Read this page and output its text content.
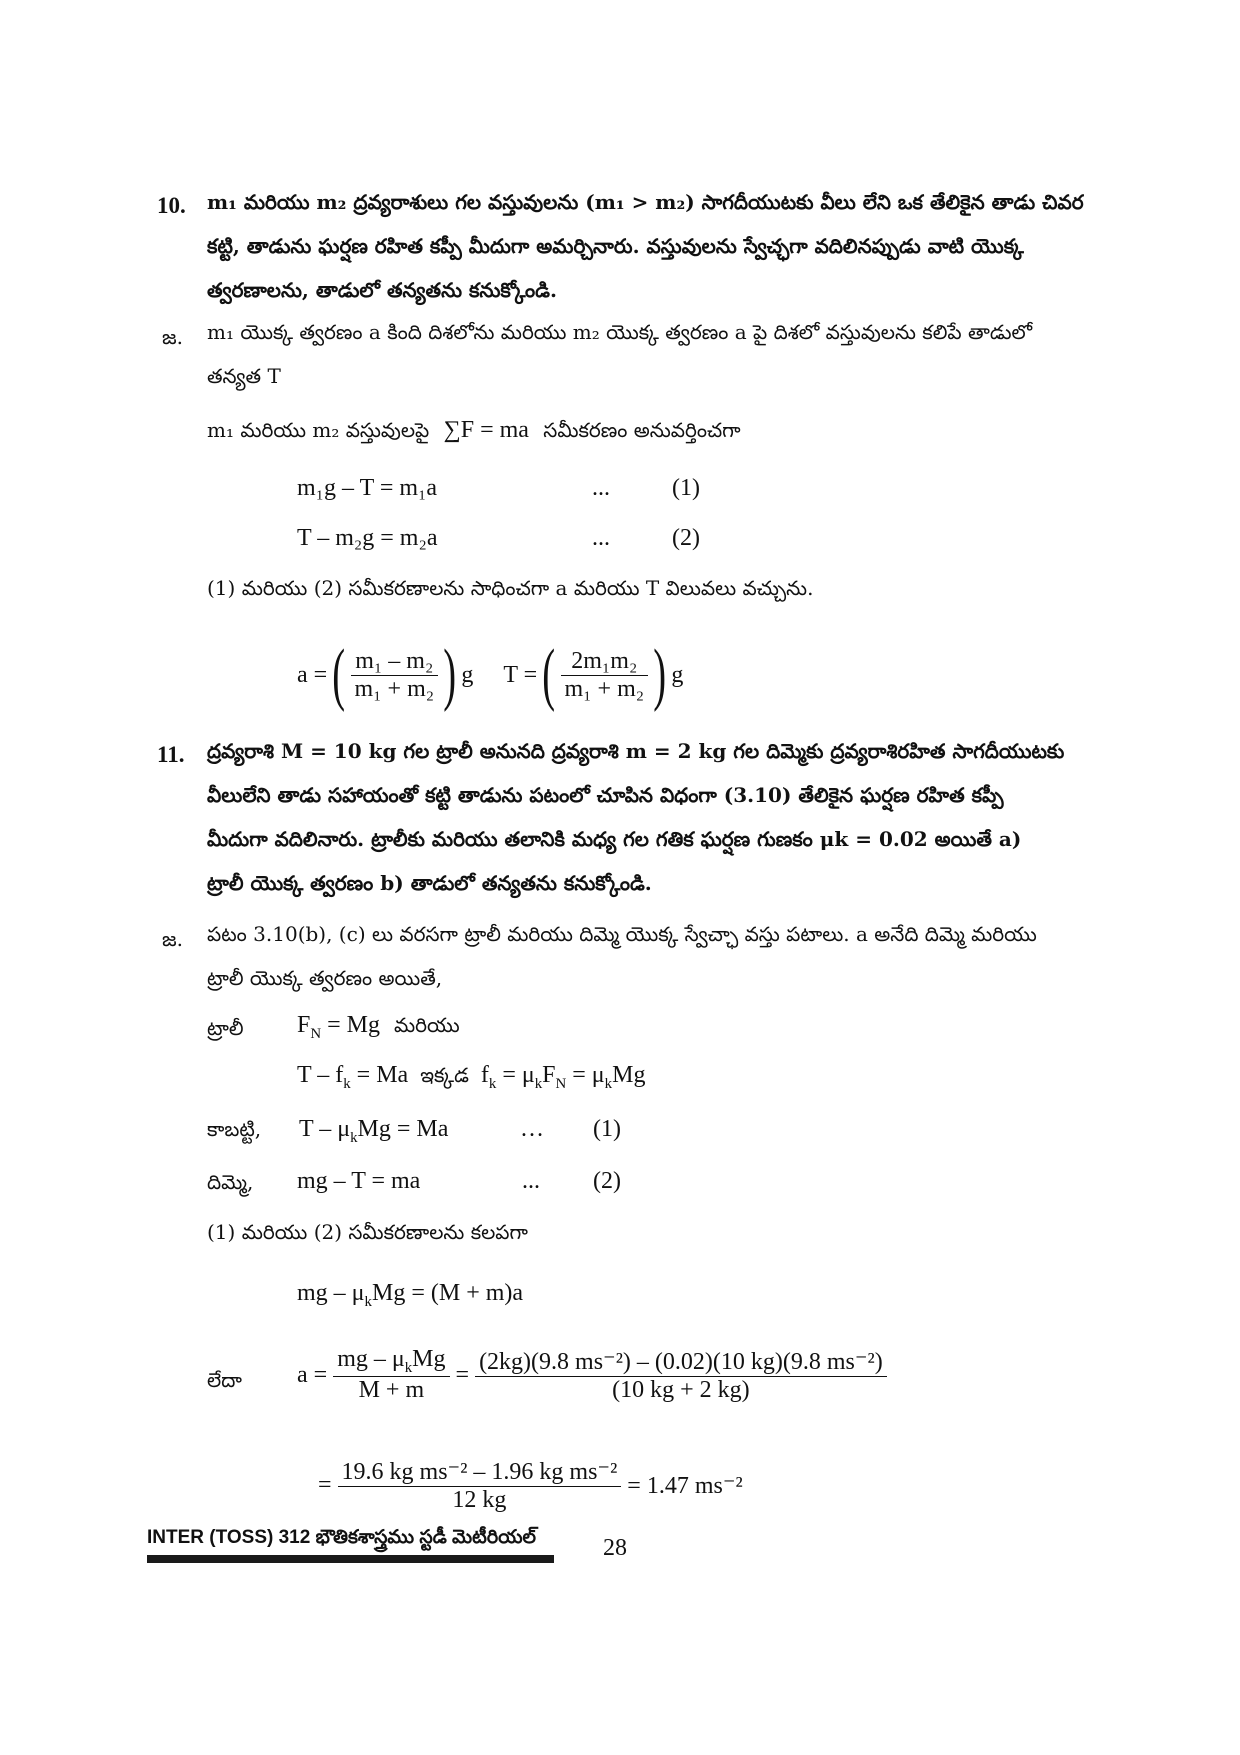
10. m₁ మరియు m₂ ద్రవ్యరాశులు గల వస్తువులను (m₁ > m₂) సాగదీయుటకు వీలు లేని ఒక తేలికైన తాడు చివర
కట్టి, తాడును ఘర్షణ రహిత కప్పీ మీదుగా అమర్చినారు. వస్తువులను స్వేచ్ఛగా వదిలినప్పుడు వాటి యొక్క
త్వరణాలను, తాడులో తన్యతను కనుక్కోండి.
జ. m₁ యొక్క త్వరణం a కింది దిశలోను మరియు m₂ యొక్క త్వరణం a పై దిశలో వస్తువులను కలిపే తాడులో
తన్యత T
m₁ మరియు m₂ వస్తువులపై ∑F = ma సమీకరణం అనువర్తించగా
m₁g – T = m₁a	...	(1)
T – m₂g = m₂a	...	(2)
(1) మరియు (2) సమీకరణాలను సాధించగా a మరియు T విలువలు వచ్చును.
a = ( $\frac{\text{m₁ – m₂}}{\text{m₁ + m₂}}$ ) g T = ( $\frac{\text{2m₁m₂}}{\text{m₁ + m₂}}$ ) g
11. ద్రవ్యరాశి M = 10 kg గల ట్రాలీ అనునది ద్రవ్యరాశి m = 2 kg గల దిమ్మెకు ద్రవ్యరాశిరహిత సాగదీయుటకు
వీలులేని తాడు సహాయంతో కట్టి తాడును పటంలో చూపిన విధంగా (3.10) తేలికైన ఘర్షణ రహిత కప్పీ
మీదుగా వదిలినారు. ట్రాలీకు మరియు తలానికి మధ్య గల గతిక ఘర్షణ గుణకం μk = 0.02 అయితే a)
ట్రాలీ యొక్క త్వరణం b) తాడులో తన్యతను కనుక్కోండి.
జ. పటం 3.10(b), (c) లు వరసగా ట్రాలీ మరియు దిమ్మె యొక్క స్వేచ్ఛా వస్తు పటాలు. a అనేది దిమ్మె మరియు
ట్రాలీ యొక్క త్వరణం అయితే,
ట్రాలీ $F_N = Mg$ మరియు
$T - f_k = Ma$ ఇక్కడ $f_k = \mu_kF_N = \mu_kMg$
కాబట్టి, $T - \mu_kMg = Ma$	… (1)
దిమ్మె, mg – T = ma	... (2)
(1) మరియు (2) సమీకరణాలను కలపగా
mg – $\mu_kMg = (M + m)a$
లేదా $a = \frac{mg - \mu_kMg}{M + m} = \frac{\text{(2kg)(9.8 ms⁻²) – (0.02)(10 kg)(9.8 ms⁻²)}}{(10 kg + 2 kg)}$
= $\frac{\text{19.6 kg ms⁻² – 1.96 kg ms⁻²}}{12 kg} = 1.47$ ms⁻²
INTER (TOSS) 312 భౌతికశాస్త్రము స్టడీ మెటీరియల్	28
